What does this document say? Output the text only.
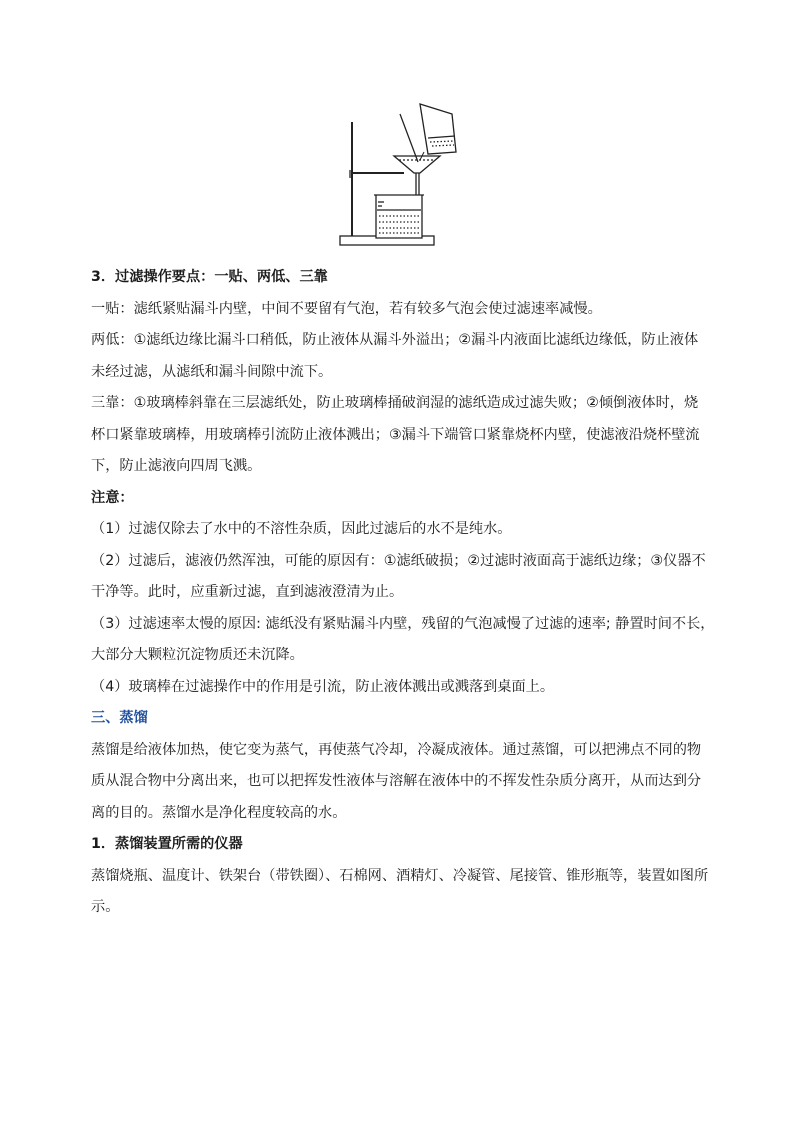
3．过滤操作要点：一贴、两低、三靠

一贴：滤纸紧贴漏斗内壁，中间不要留有气泡，若有较多气泡会使过滤速率减慢。

两低：①滤纸边缘比漏斗口稍低，防止液体从漏斗外溢出；②漏斗内液面比滤纸边缘低，防止液体

未经过滤，从滤纸和漏斗间隙中流下。

三靠：①玻璃棒斜靠在三层滤纸处，防止玻璃棒捅破润湿的滤纸造成过滤失败；②倾倒液体时，烧

杯口紧靠玻璃棒，用玻璃棒引流防止液体溅出；③漏斗下端管口紧靠烧杯内壁，使滤液沿烧杯壁流

下，防止滤液向四周飞溅。

注意：

（1）过滤仅除去了水中的不溶性杂质，因此过滤后的水不是纯水。

（2）过滤后，滤液仍然浑浊，可能的原因有：①滤纸破损；②过滤时液面高于滤纸边缘；③仪器不

干净等。此时，应重新过滤，直到滤液澄清为止。

（3）过滤速率太慢的原因: 滤纸没有紧贴漏斗内壁，残留的气泡减慢了过滤的速率; 静置时间不长，

大部分大颗粒沉淀物质还未沉降。

（4）玻璃棒在过滤操作中的作用是引流，防止液体溅出或溅落到桌面上。

三、蒸馏

蒸馏是给液体加热，使它变为蒸气，再使蒸气冷却，冷凝成液体。通过蒸馏，可以把沸点不同的物

质从混合物中分离出来，也可以把挥发性液体与溶解在液体中的不挥发性杂质分离开，从而达到分

离的目的。蒸馏水是净化程度较高的水。

1．蒸馏装置所需的仪器

蒸馏烧瓶、温度计、铁架台（带铁圈）、石棉网、酒精灯、冷凝管、尾接管、锥形瓶等，装置如图所

示。
